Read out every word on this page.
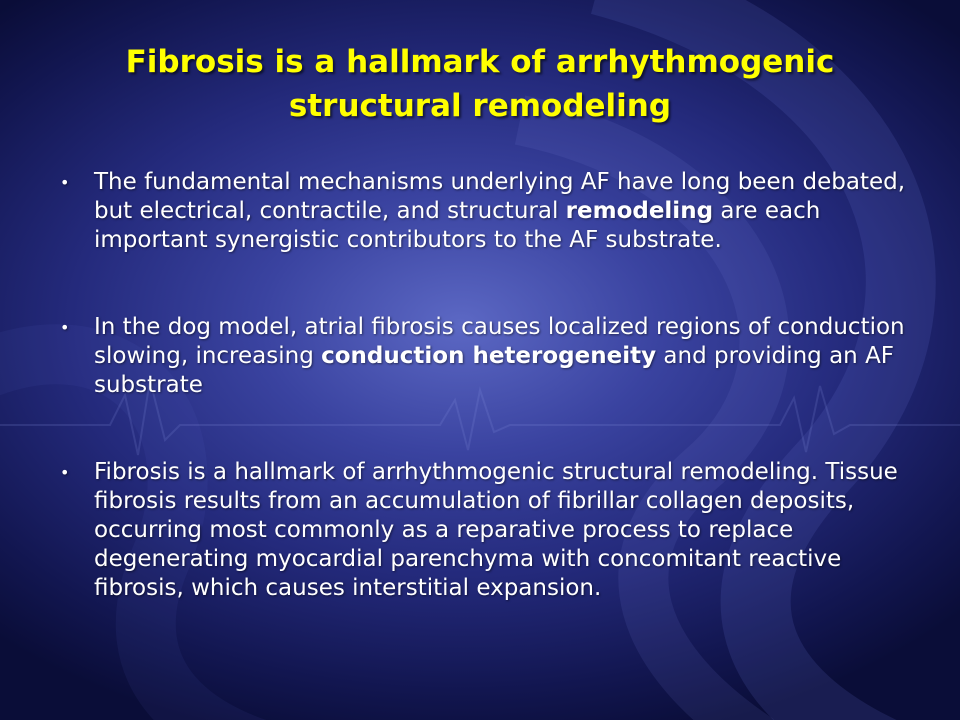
Fibrosis is a hallmark of arrhythmogenic
structural remodeling
•	The fundamental mechanisms underlying AF have long been debated, but electrical, contractile, and structural remodeling are each important synergistic contributors to the AF substrate.
•	In the dog model, atrial fibrosis causes localized regions of conduction slowing, increasing conduction heterogeneity and providing an AF substrate
•	Fibrosis is a hallmark of arrhythmogenic structural remodeling. Tissue fibrosis results from an accumulation of fibrillar collagen deposits, occurring most commonly as a reparative process to replace degenerating myocardial parenchyma with concomitant reactive fibrosis, which causes interstitial expansion.
